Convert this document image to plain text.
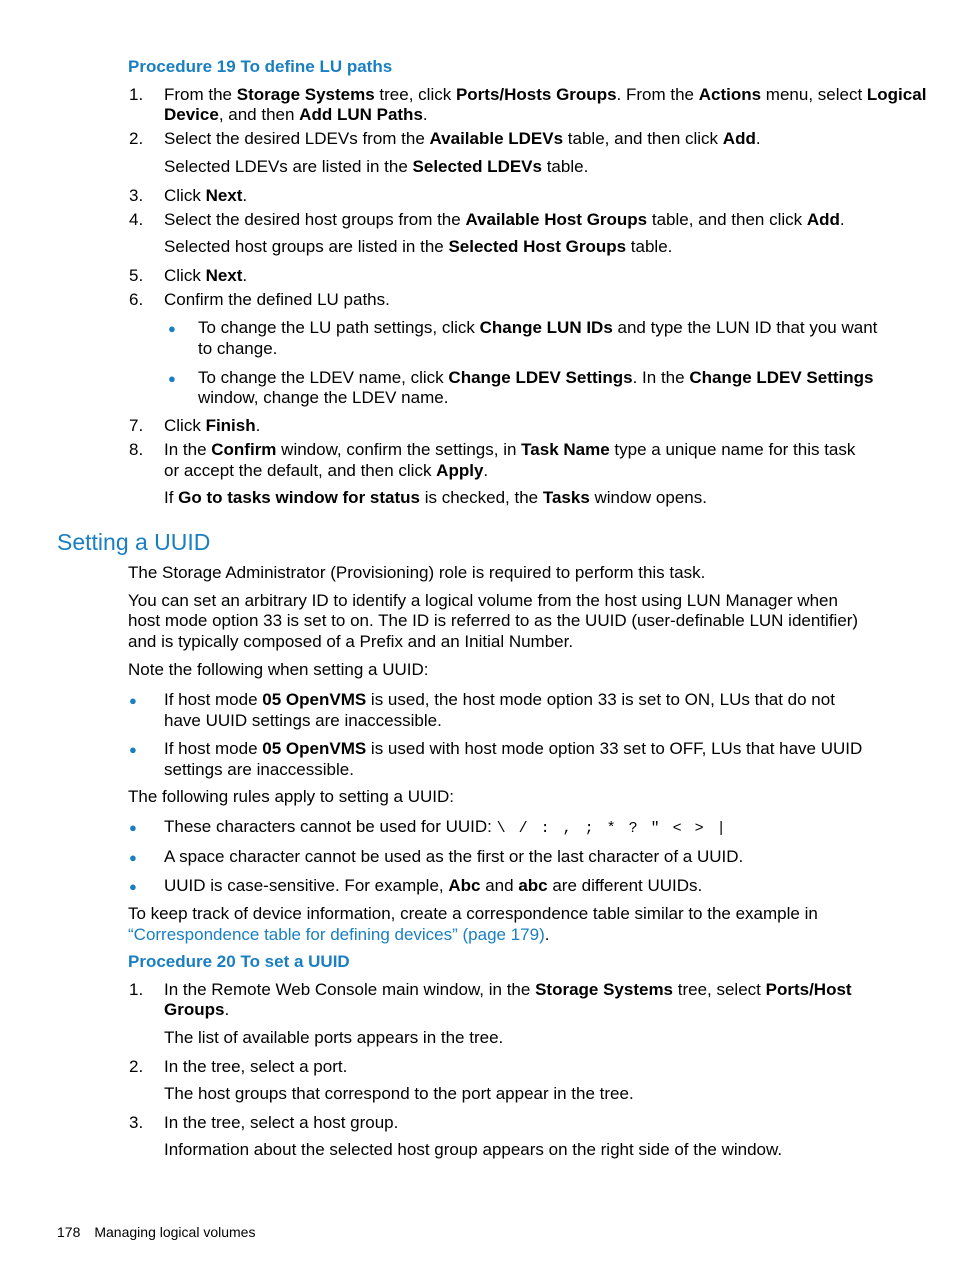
Procedure 19 To define LU paths
1. From the Storage Systems tree, click Ports/Hosts Groups. From the Actions menu, select Logical
Device, and then Add LUN Paths.
2. Select the desired LDEVs from the Available LDEVs table, and then click Add.
Selected LDEVs are listed in the Selected LDEVs table.
3. Click Next.
4. Select the desired host groups from the Available Host Groups table, and then click Add.
Selected host groups are listed in the Selected Host Groups table.
5. Click Next.
6. Confirm the defined LU paths.
● To change the LU path settings, click Change LUN IDs and type the LUN ID that you want
to change.
● To change the LDEV name, click Change LDEV Settings. In the Change LDEV Settings
window, change the LDEV name.
7. Click Finish.
8. In the Confirm window, confirm the settings, in Task Name type a unique name for this task
or accept the default, and then click Apply.
If Go to tasks window for status is checked, the Tasks window opens.
Setting a UUID
The Storage Administrator (Provisioning) role is required to perform this task.
You can set an arbitrary ID to identify a logical volume from the host using LUN Manager when
host mode option 33 is set to on. The ID is referred to as the UUID (user-definable LUN identifier)
and is typically composed of a Prefix and an Initial Number.
Note the following when setting a UUID:
● If host mode 05 OpenVMS is used, the host mode option 33 is set to ON, LUs that do not
have UUID settings are inaccessible.
● If host mode 05 OpenVMS is used with host mode option 33 set to OFF, LUs that have UUID
settings are inaccessible.
The following rules apply to setting a UUID:
● These characters cannot be used for UUID: \ / : , ; * ? " < > |
● A space character cannot be used as the first or the last character of a UUID.
● UUID is case-sensitive. For example, Abc and abc are different UUIDs.
To keep track of device information, create a correspondence table similar to the example in
“Correspondence table for defining devices” (page 179).
Procedure 20 To set a UUID
1. In the Remote Web Console main window, in the Storage Systems tree, select Ports/Host
Groups.
The list of available ports appears in the tree.
2. In the tree, select a port.
The host groups that correspond to the port appear in the tree.
3. In the tree, select a host group.
Information about the selected host group appears on the right side of the window.
178 Managing logical volumes
